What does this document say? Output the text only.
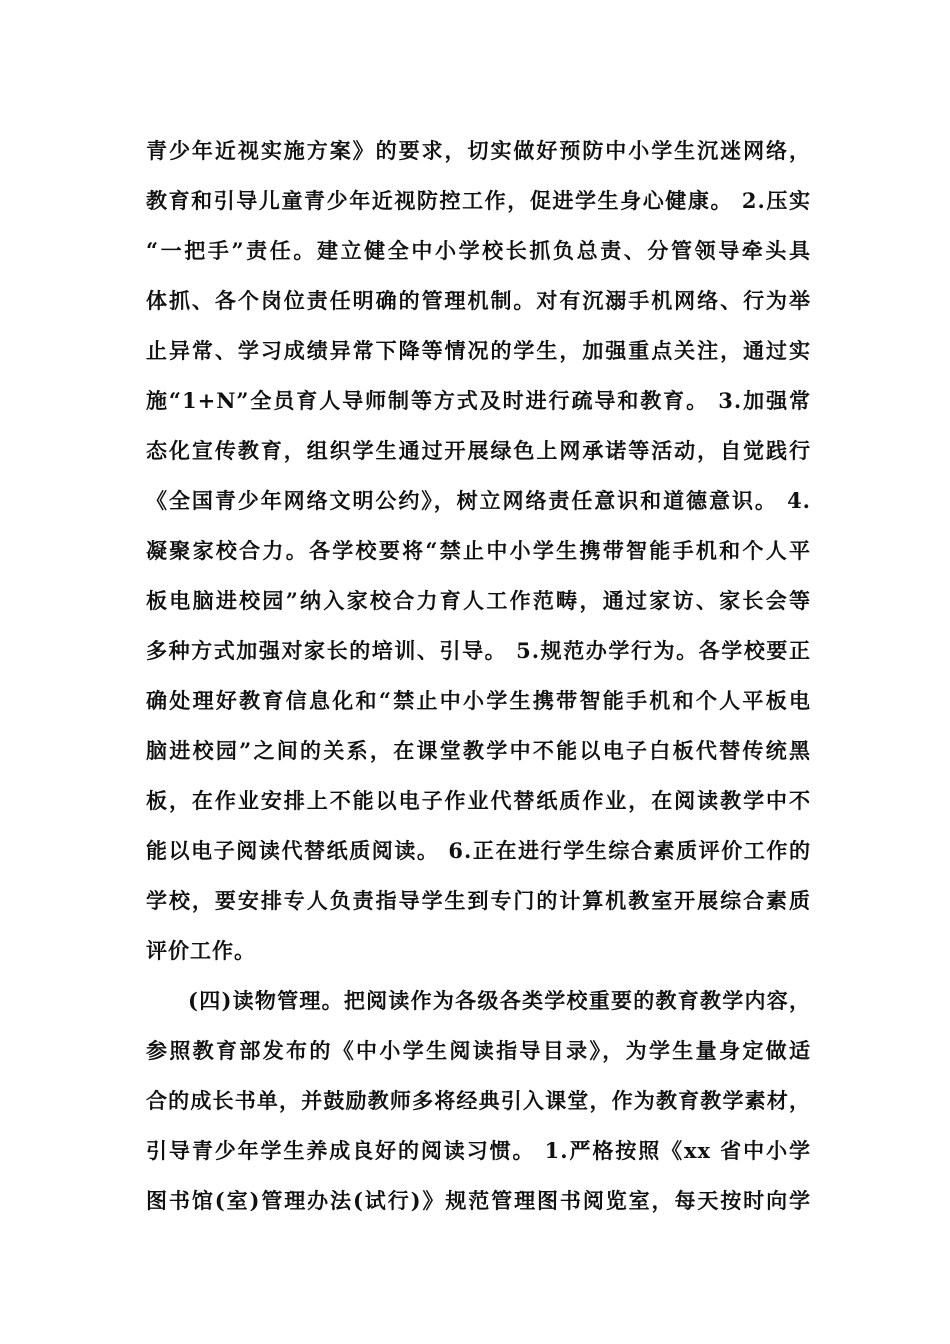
青少年近视实施方案》的要求，切实做好预防中小学生沉迷网络，
教育和引导儿童青少年近视防控工作，促进学生身心健康。 2.压实
“一把手”责任。建立健全中小学校长抓负总责、分管领导牵头具
体抓、各个岗位责任明确的管理机制。对有沉溺手机网络、行为举
止异常、学习成绩异常下降等情况的学生，加强重点关注，通过实
施“1+N”全员育人导师制等方式及时进行疏导和教育。 3.加强常
态化宣传教育，组织学生通过开展绿色上网承诺等活动，自觉践行
《全国青少年网络文明公约》，树立网络责任意识和道德意识。 4.
凝聚家校合力。各学校要将“禁止中小学生携带智能手机和个人平
板电脑进校园”纳入家校合力育人工作范畴，通过家访、家长会等
多种方式加强对家长的培训、引导。 5.规范办学行为。各学校要正
确处理好教育信息化和“禁止中小学生携带智能手机和个人平板电
脑进校园”之间的关系，在课堂教学中不能以电子白板代替传统黑
板，在作业安排上不能以电子作业代替纸质作业，在阅读教学中不
能以电子阅读代替纸质阅读。 6.正在进行学生综合素质评价工作的
学校，要安排专人负责指导学生到专门的计算机教室开展综合素质
评价工作。
(四)读物管理。把阅读作为各级各类学校重要的教育教学内容，
参照教育部发布的《中小学生阅读指导目录》，为学生量身定做适
合的成长书单，并鼓励教师多将经典引入课堂，作为教育教学素材，
引导青少年学生养成良好的阅读习惯。 1.严格按照《xx 省中小学
图书馆(室)管理办法(试行)》规范管理图书阅览室，每天按时向学
